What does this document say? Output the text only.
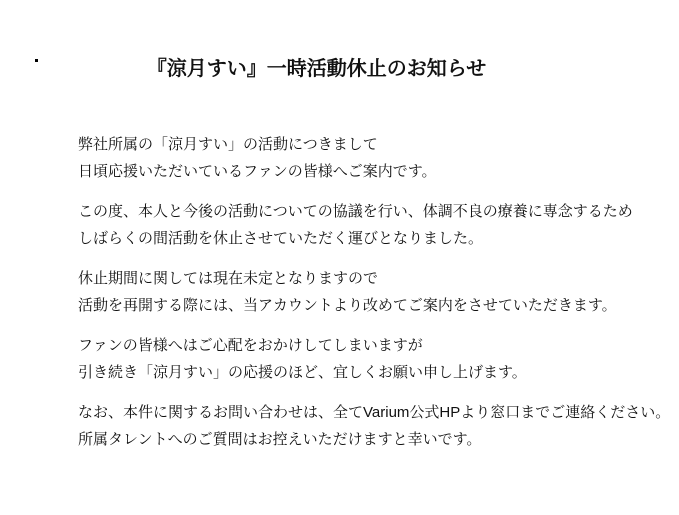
『涼月すい』一時活動休止のお知らせ

弊社所属の「涼月すい」の活動につきまして
日頃応援いただいているファンの皆様へご案内です。

この度、本人と今後の活動についての協議を行い、体調不良の療養に専念するため
しばらくの間活動を休止させていただく運びとなりました。

休止期間に関しては現在未定となりますので
活動を再開する際には、当アカウントより改めてご案内をさせていただきます。

ファンの皆様へはご心配をおかけしてしまいますが
引き続き「涼月すい」の応援のほど、宜しくお願い申し上げます。

なお、本件に関するお問い合わせは、全てVarium公式HPより窓口までご連絡ください。
所属タレントへのご質問はお控えいただけますと幸いです。
